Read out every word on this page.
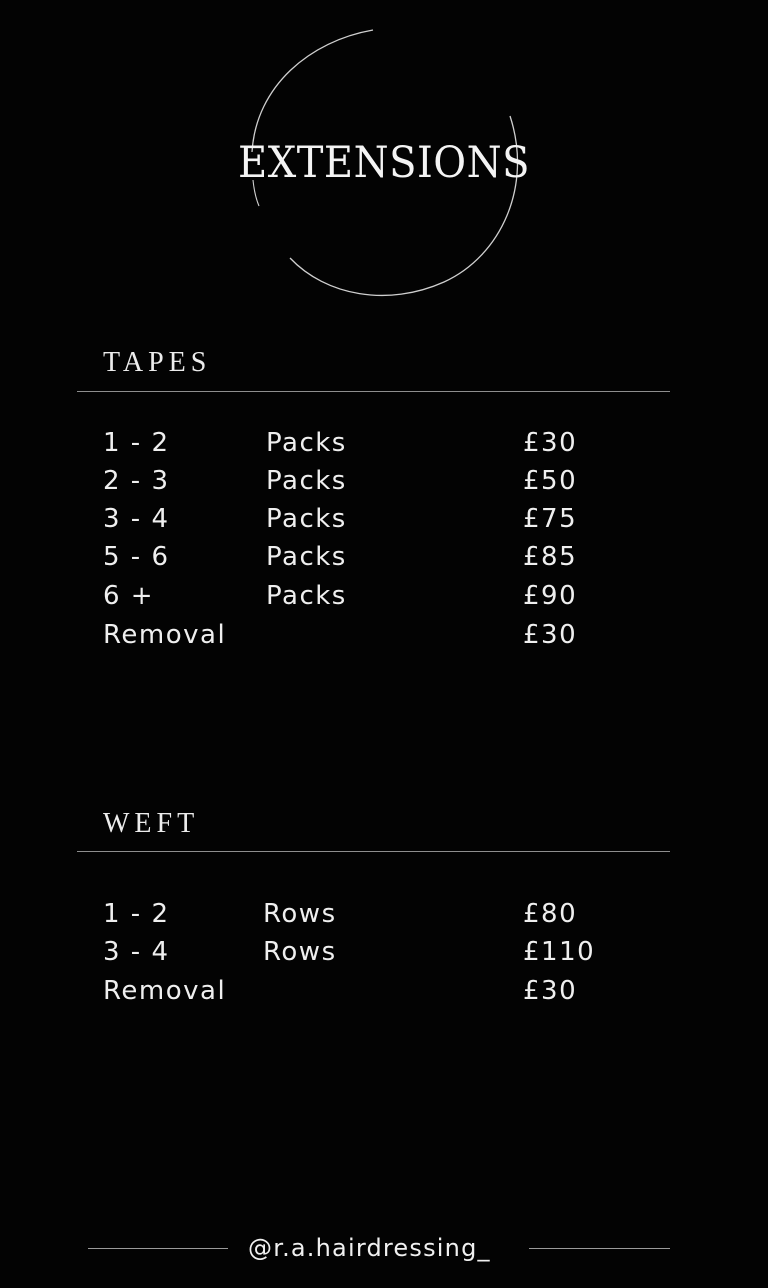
EXTENSIONS
TAPES
1 - 2	Packs	£30
2 - 3	Packs	£50
3 - 4	Packs	£75
5 - 6	Packs	£85
6 +	Packs	£90
Removal	£30
WEFT
1 - 2	Rows	£80
3 - 4	Rows	£110
Removal	£30
@r.a.hairdressing_
